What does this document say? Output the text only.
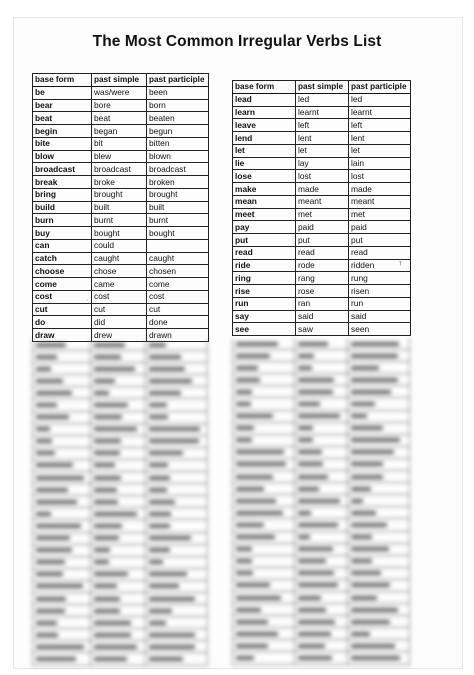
The Most Common Irregular Verbs List
base form	past simple	past participle
be	was/were	been
bear	bore	born
beat	beat	beaten
begin	began	begun
bite	bit	bitten
blow	blew	blown
broadcast	broadcast	broadcast
break	broke	broken
bring	brought	brought
build	built	built
burn	burnt	burnt
buy	bought	bought
can	could	
catch	caught	caught
choose	chose	chosen
come	came	come
cost	cost	cost
cut	cut	cut
do	did	done
draw	drew	drawn
base form	past simple	past participle
lead	led	led
learn	learnt	learnt
leave	left	left
lend	lent	lent
let	let	let
lie	lay	lain
lose	lost	lost
make	made	made
mean	meant	meant
meet	met	met
pay	paid	paid
put	put	put
read	read	read
ride	rode	ridden
ring	rang	rung
rise	rose	risen
run	ran	run
say	said	said
see	saw	seen
·
ᵀ
